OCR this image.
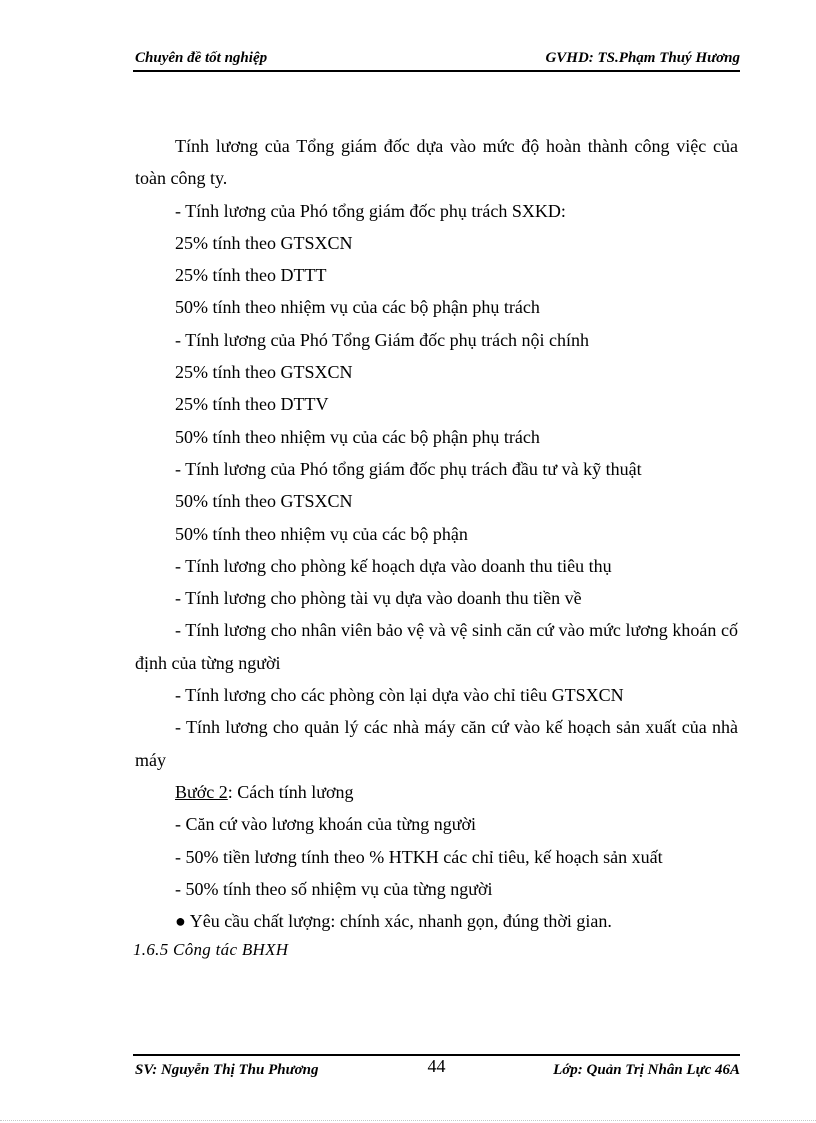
Chuyên đề tốt nghiệp	GVHD: TS.Phạm Thuý Hương

Tính lương của Tổng giám đốc dựa vào mức độ hoàn thành công việc của toàn công ty.

- Tính lương của Phó tổng giám đốc phụ trách SXKD:

25% tính theo GTSXCN

25% tính theo DTTT

50% tính theo nhiệm vụ của các bộ phận phụ trách

- Tính lương của Phó Tổng Giám đốc phụ trách nội chính

25% tính theo GTSXCN

25% tính theo DTTV

50% tính theo nhiệm vụ của các bộ phận phụ trách

- Tính lương của Phó tổng giám đốc phụ trách đầu tư và kỹ thuật

50% tính theo GTSXCN

50% tính theo nhiệm vụ của các bộ phận

- Tính lương cho phòng kế hoạch dựa vào doanh thu tiêu thụ

- Tính lương cho phòng tài vụ dựa vào doanh thu tiền về

- Tính lương cho nhân viên bảo vệ và vệ sinh căn cứ vào mức lương khoán cố định của từng người

- Tính lương cho các phòng còn lại dựa vào chỉ tiêu GTSXCN

- Tính lương cho quản lý các nhà máy căn cứ vào kế hoạch sản xuất của nhà máy

Bước 2: Cách tính lương

- Căn cứ vào lương khoán của từng người

- 50% tiền lương tính theo % HTKH các chỉ tiêu, kế hoạch sản xuất

- 50% tính theo số nhiệm vụ của từng người

● Yêu cầu chất lượng: chính xác, nhanh gọn, đúng thời gian.

1.6.5 Công tác BHXH
SV: Nguyễn Thị Thu Phương	44	Lớp: Quản Trị Nhân Lực 46A
